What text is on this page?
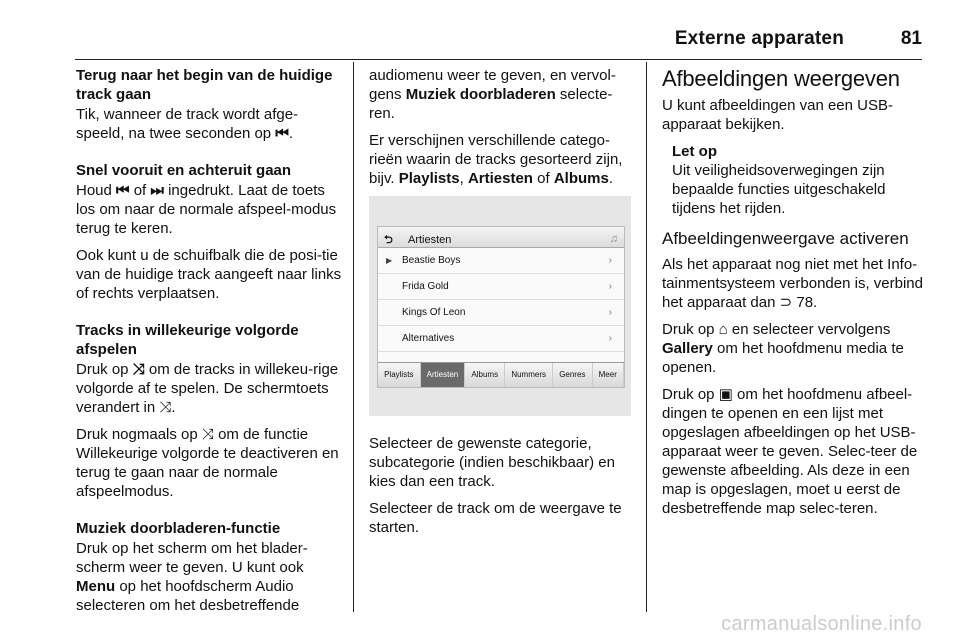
Externe apparaten	81
Terug naar het begin van de huidige track gaan

Tik, wanneer de track wordt afge-speeld, na twee seconden op ⏮.

Snel vooruit en achteruit gaan

Houd ⏮ of ⏭ ingedrukt. Laat de toets los om naar de normale afspeel-modus terug te keren.

Ook kunt u de schuifbalk die de posi-tie van de huidige track aangeeft naar links of rechts verplaatsen.

Tracks in willekeurige volgorde afspelen

Druk op ⤨ om de tracks in willekeu-rige volgorde af te spelen. De schermtoets verandert in ⤨.

Druk nogmaals op ⤨ om de functie Willekeurige volgorde te deactiveren en terug te gaan naar de normale afspeelmodus.

Muziek doorbladeren-functie

Druk op het scherm om het blader-scherm weer te geven. U kunt ook Menu op het hoofdscherm Audio selecteren om het desbetreffende

audiomenu weer te geven, en vervol-gens Muziek doorbladeren selecte-ren.

Er verschijnen verschillende catego-rieën waarin de tracks gesorteerd zijn, bijv. Playlists, Artiesten of Albums.

⮌ Artiesten	♫
▶ Beastie Boys	›
Frida Gold	›
Kings Of Leon	›
Alternatives	›
Playlists	Artiesten	Albums	Nummers	Genres	Meer

Selecteer de gewenste categorie, subcategorie (indien beschikbaar) en kies dan een track.

Selecteer de track om de weergave te starten.

Afbeeldingen weergeven

U kunt afbeeldingen van een USB-apparaat bekijken.

Let op
Uit veiligheidsoverwegingen zijn bepaalde functies uitgeschakeld tijdens het rijden.
Afbeeldingenweergave activeren

Als het apparaat nog niet met het Info-tainmentsysteem verbonden is, verbind het apparaat dan ⊃ 78.

Druk op ⌂ en selecteer vervolgens Gallery om het hoofdmenu media te openen.

Druk op ▣ om het hoofdmenu afbeel-dingen te openen en een lijst met opgeslagen afbeeldingen op het USB-apparaat weer te geven. Selec-teer de gewenste afbeelding. Als deze in een map is opgeslagen, moet u eerst de desbetreffende map selec-teren.

carmanualsonline.info
